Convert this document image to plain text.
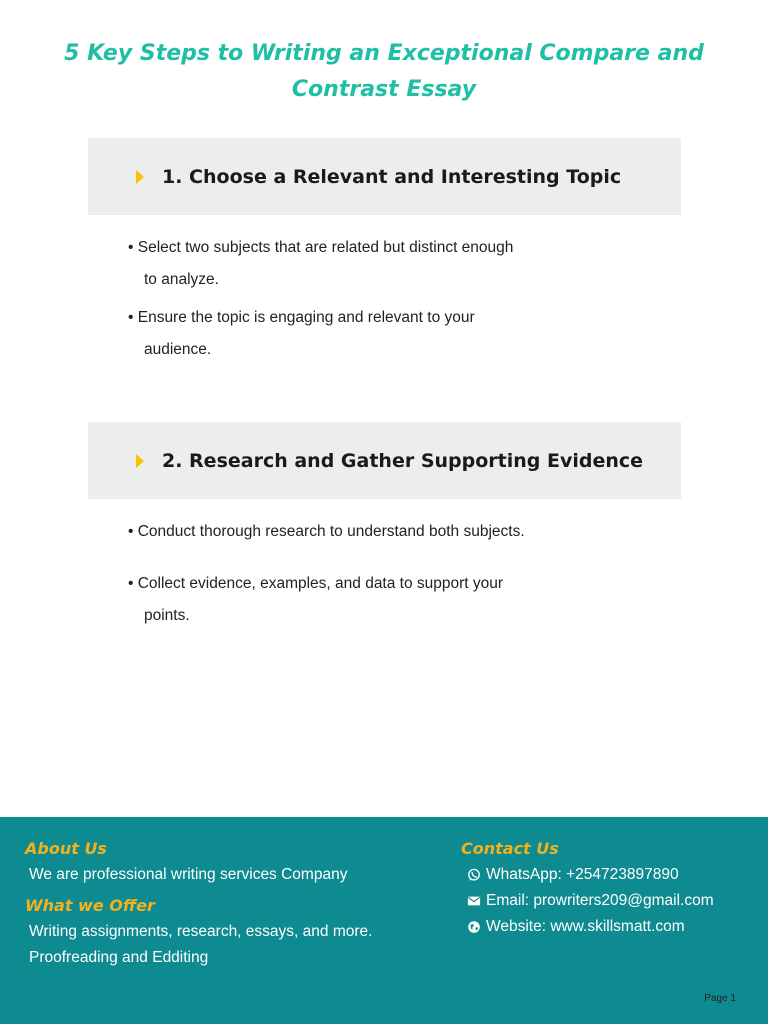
5 Key Steps to Writing an Exceptional Compare and Contrast Essay
1. Choose a Relevant and Interesting Topic
• Select two subjects that are related but distinct enough
to analyze.
• Ensure the topic is engaging and relevant to your
audience.
2. Research and Gather Supporting Evidence
• Conduct thorough research to understand both subjects.
• Collect evidence, examples, and data to support your
points.
About Us
We are professional writing services Company
What we Offer
Writing assignments, research, essays, and more.
Proofreading and Edditing
Contact Us
WhatsApp: +254723897890
Email: prowriters209@gmail.com
Website: www.skillsmatt.com
Page 1
